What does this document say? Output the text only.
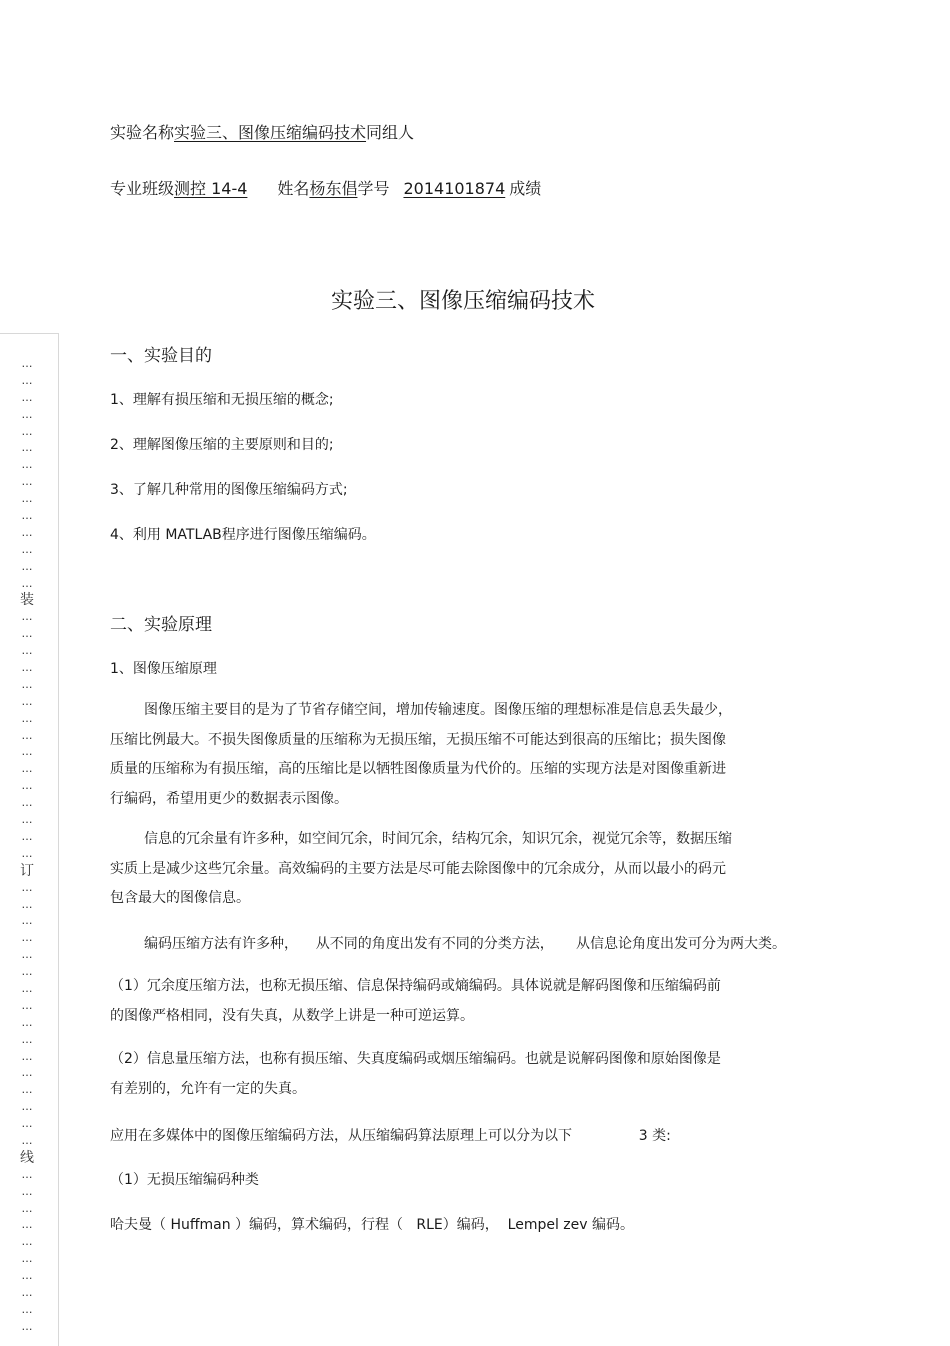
实验名称实验三、图像压缩编码技术同组人
专业班级测控 14-4 姓名杨东倡学号 2014101874 成绩
实验三、图像压缩编码技术
一、实验目的
1、理解有损压缩和无损压缩的概念;
2、理解图像压缩的主要原则和目的;
3、了解几种常用的图像压缩编码方式;
4、利用 MATLAB程序进行图像压缩编码。
二、实验原理
1、图像压缩原理
图像压缩主要目的是为了节省存储空间，增加传输速度。图像压缩的理想标准是信息丢失最少，
压缩比例最大。不损失图像质量的压缩称为无损压缩，无损压缩不可能达到很高的压缩比；损失图像
质量的压缩称为有损压缩，高的压缩比是以牺牲图像质量为代价的。压缩的实现方法是对图像重新进
行编码，希望用更少的数据表示图像。
信息的冗余量有许多种，如空间冗余，时间冗余，结构冗余，知识冗余，视觉冗余等，数据压缩
实质上是减少这些冗余量。高效编码的主要方法是尽可能去除图像中的冗余成分，从而以最小的码元
包含最大的图像信息。
编码压缩方法有许多种，    从不同的角度出发有不同的分类方法，     从信息论角度出发可分为两大类。
（1）冗余度压缩方法，也称无损压缩、信息保持编码或熵编码。具体说就是解码图像和压缩编码前
的图像严格相同，没有失真，从数学上讲是一种可逆运算。
（2）信息量压缩方法，也称有损压缩、失真度编码或烟压缩编码。也就是说解码图像和原始图像是
有差别的，允许有一定的失真。
应用在多媒体中的图像压缩编码方法，从压缩编码算法原理上可以分为以下               3 类:
（1）无损压缩编码种类
哈夫曼（ Huffman ）编码，算术编码，行程（   RLE）编码，  Lempel zev 编码。
…
…
…
…
…
…
…
…
…
…
…
…
…
…
装
…
…
…
…
…
…
…
…
…
…
…
…
…
…
…
订
…
…
…
…
…
…
…
…
…
…
…
…
…
…
…
…
线
…
…
…
…
…
…
…
…
…
…
